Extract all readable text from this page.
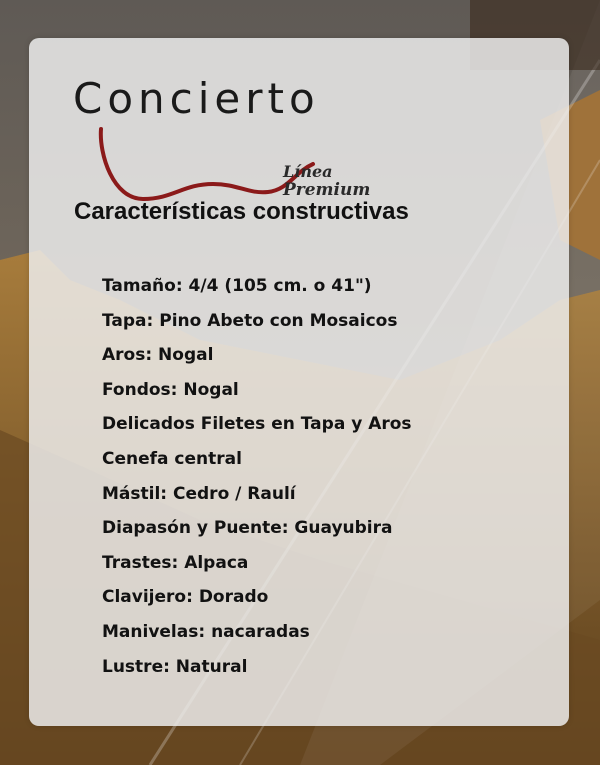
Concierto
Línea
Premium
Características constructivas
Tamaño: 4/4 (105 cm. o 41")
Tapa: Pino Abeto con Mosaicos
Aros: Nogal
Fondos: Nogal
Delicados Filetes en Tapa y Aros
Cenefa central
Mástil: Cedro / Raulí
Diapasón y Puente: Guayubira
Trastes: Alpaca
Clavijero: Dorado
Manivelas: nacaradas
Lustre: Natural
